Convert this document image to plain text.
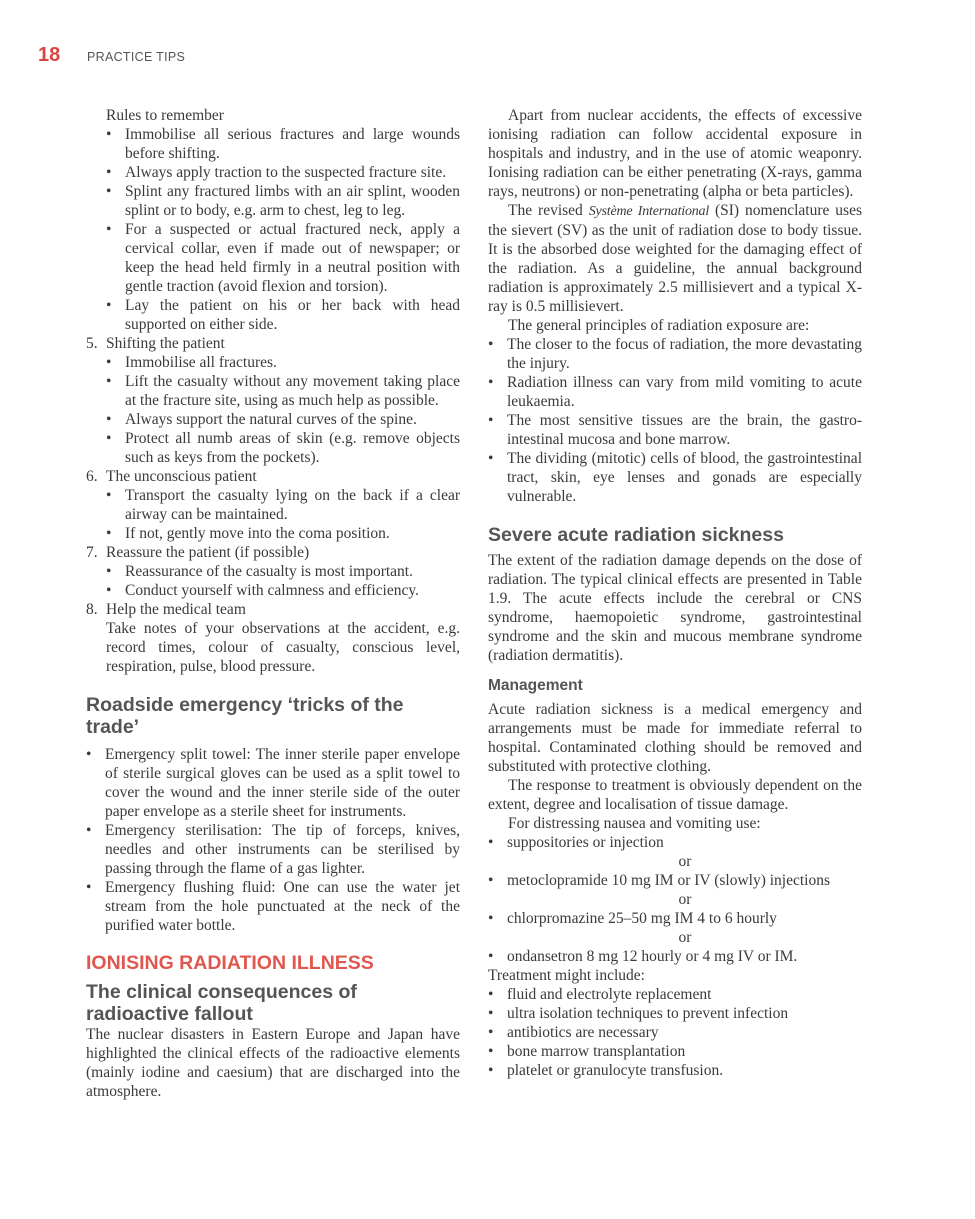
18 PRACTICE TIPS

Rules to remember

• Immobilise all serious fractures and large wounds before shifting.
• Always apply traction to the suspected fracture site.
• Splint any fractured limbs with an air splint, wooden splint or to body, e.g. arm to chest, leg to leg.
• For a suspected or actual fractured neck, apply a cervical collar, even if made out of newspaper; or keep the head held firmly in a neutral position with gentle traction (avoid flexion and torsion).
• Lay the patient on his or her back with head supported on either side.
5. Shifting the patient
• Immobilise all fractures.
• Lift the casualty without any movement taking place at the fracture site, using as much help as possible.
• Always support the natural curves of the spine.
• Protect all numb areas of skin (e.g. remove objects such as keys from the pockets).
6. The unconscious patient
• Transport the casualty lying on the back if a clear airway can be maintained.
• If not, gently move into the coma position.
7. Reassure the patient (if possible)
• Reassurance of the casualty is most important.
• Conduct yourself with calmness and efficiency.
8. Help the medical team

Take notes of your observations at the accident, e.g. record times, colour of casualty, conscious level, respiration, pulse, blood pressure.

Roadside emergency ‘tricks of the trade’
• Emergency split towel: The inner sterile paper envelope of sterile surgical gloves can be used as a split towel to cover the wound and the inner sterile side of the outer paper envelope as a sterile sheet for instruments.
• Emergency sterilisation: The tip of forceps, knives, needles and other instruments can be sterilised by passing through the flame of a gas lighter.
• Emergency flushing fluid: One can use the water jet stream from the hole punctuated at the neck of the purified water bottle.
IONISING RADIATION ILLNESS
The clinical consequences of
radioactive fallout

The nuclear disasters in Eastern Europe and Japan have highlighted the clinical effects of the radioactive elements (mainly iodine and caesium) that are discharged into the atmosphere.

Apart from nuclear accidents, the effects of excessive ionising radiation can follow accidental exposure in hospitals and industry, and in the use of atomic weaponry. Ionising radiation can be either penetrating (X-rays, gamma rays, neutrons) or non-penetrating (alpha or beta particles).

The revised Système International (SI) nomenclature uses the sievert (SV) as the unit of radiation dose to body tissue. It is the absorbed dose weighted for the damaging effect of the radiation. As a guideline, the annual background radiation is approximately 2.5 millisievert and a typical X-ray is 0.5 millisievert.

The general principles of radiation exposure are:

• The closer to the focus of radiation, the more devastating the injury.
• Radiation illness can vary from mild vomiting to acute leukaemia.
• The most sensitive tissues are the brain, the gastro-intestinal mucosa and bone marrow.
• The dividing (mitotic) cells of blood, the gastrointestinal tract, skin, eye lenses and gonads are especially vulnerable.
Severe acute radiation sickness

The extent of the radiation damage depends on the dose of radiation. The typical clinical effects are presented in Table 1.9. The acute effects include the cerebral or CNS syndrome, haemopoietic syndrome, gastrointestinal syndrome and the skin and mucous membrane syndrome (radiation dermatitis).

Management

Acute radiation sickness is a medical emergency and arrangements must be made for immediate referral to hospital. Contaminated clothing should be removed and substituted with protective clothing.

The response to treatment is obviously dependent on the extent, degree and localisation of tissue damage.

For distressing nausea and vomiting use:

• suppositories or injection
or
• metoclopramide 10 mg IM or IV (slowly) injections
or
• chlorpromazine 25–50 mg IM 4 to 6 hourly
or
• ondansetron 8 mg 12 hourly or 4 mg IV or IM.

Treatment might include:

• fluid and electrolyte replacement
• ultra isolation techniques to prevent infection
• antibiotics are necessary
• bone marrow transplantation
• platelet or granulocyte transfusion.
